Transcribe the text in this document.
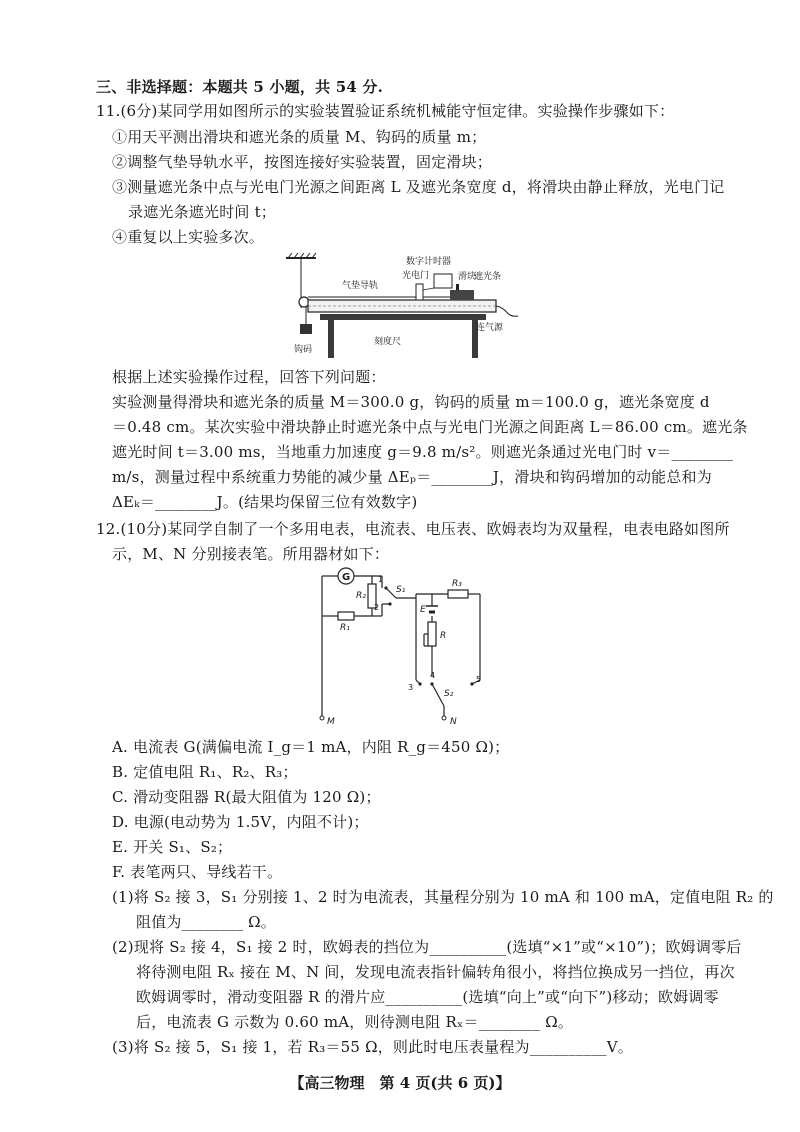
三、非选择题：本题共 5 小题，共 54 分.
11.(6分)某同学用如图所示的实验装置验证系统机械能守恒定律。实验操作步骤如下：
①用天平测出滑块和遮光条的质量 M、钩码的质量 m；
②调整气垫导轨水平，按图连接好实验装置，固定滑块；
③测量遮光条中点与光电门光源之间距离 L 及遮光条宽度 d，将滑块由静止释放，光电门记
录遮光条遮光时间 t；
④重复以上实验多次。
数字计时器
光电门	滑块
遮光条
气垫导轨
连气源
刻度尺
钩码
根据上述实验操作过程，回答下列问题：
实验测量得滑块和遮光条的质量 M＝300.0 g，钩码的质量 m＝100.0 g，遮光条宽度 d
＝0.48 cm。某次实验中滑块静止时遮光条中点与光电门光源之间距离 L＝86.00 cm。遮光条
遮光时间 t＝3.00 ms，当地重力加速度 g＝9.8 m/s²。则遮光条通过光电门时 v＝________
m/s，测量过程中系统重力势能的减少量 ΔEₚ＝________J，滑块和钩码增加的动能总和为
ΔEₖ＝________J。(结果均保留三位有效数字)
12.(10分)某同学自制了一个多用电表，电流表、电压表、欧姆表均为双量程，电表电路如图所
示，M、N 分别接表笔。所用器材如下：
G
R₂
R₁
R₃
S₁
S₂
E
R
M	N
1
2
3
4	5
A. 电流表 G(满偏电流 I_g＝1 mA，内阻 R_g＝450 Ω)；
B. 定值电阻 R₁、R₂、R₃；
C. 滑动变阻器 R(最大阻值为 120 Ω)；
D. 电源(电动势为 1.5V，内阻不计)；
E. 开关 S₁、S₂；
F. 表笔两只、导线若干。
(1)将 S₂ 接 3，S₁ 分别接 1、2 时为电流表，其量程分别为 10 mA 和 100 mA，定值电阻 R₂ 的
阻值为________ Ω。
(2)现将 S₂ 接 4，S₁ 接 2 时，欧姆表的挡位为__________(选填“×1”或“×10”)；欧姆调零后
将待测电阻 Rₓ 接在 M、N 间，发现电流表指针偏转角很小，将挡位换成另一挡位，再次
欧姆调零时，滑动变阻器 R 的滑片应__________(选填“向上”或“向下”)移动；欧姆调零
后，电流表 G 示数为 0.60 mA，则待测电阻 Rₓ＝________ Ω。
(3)将 S₂ 接 5，S₁ 接 1，若 R₃＝55 Ω，则此时电压表量程为__________V。
【高三物理　第 4 页(共 6 页)】
